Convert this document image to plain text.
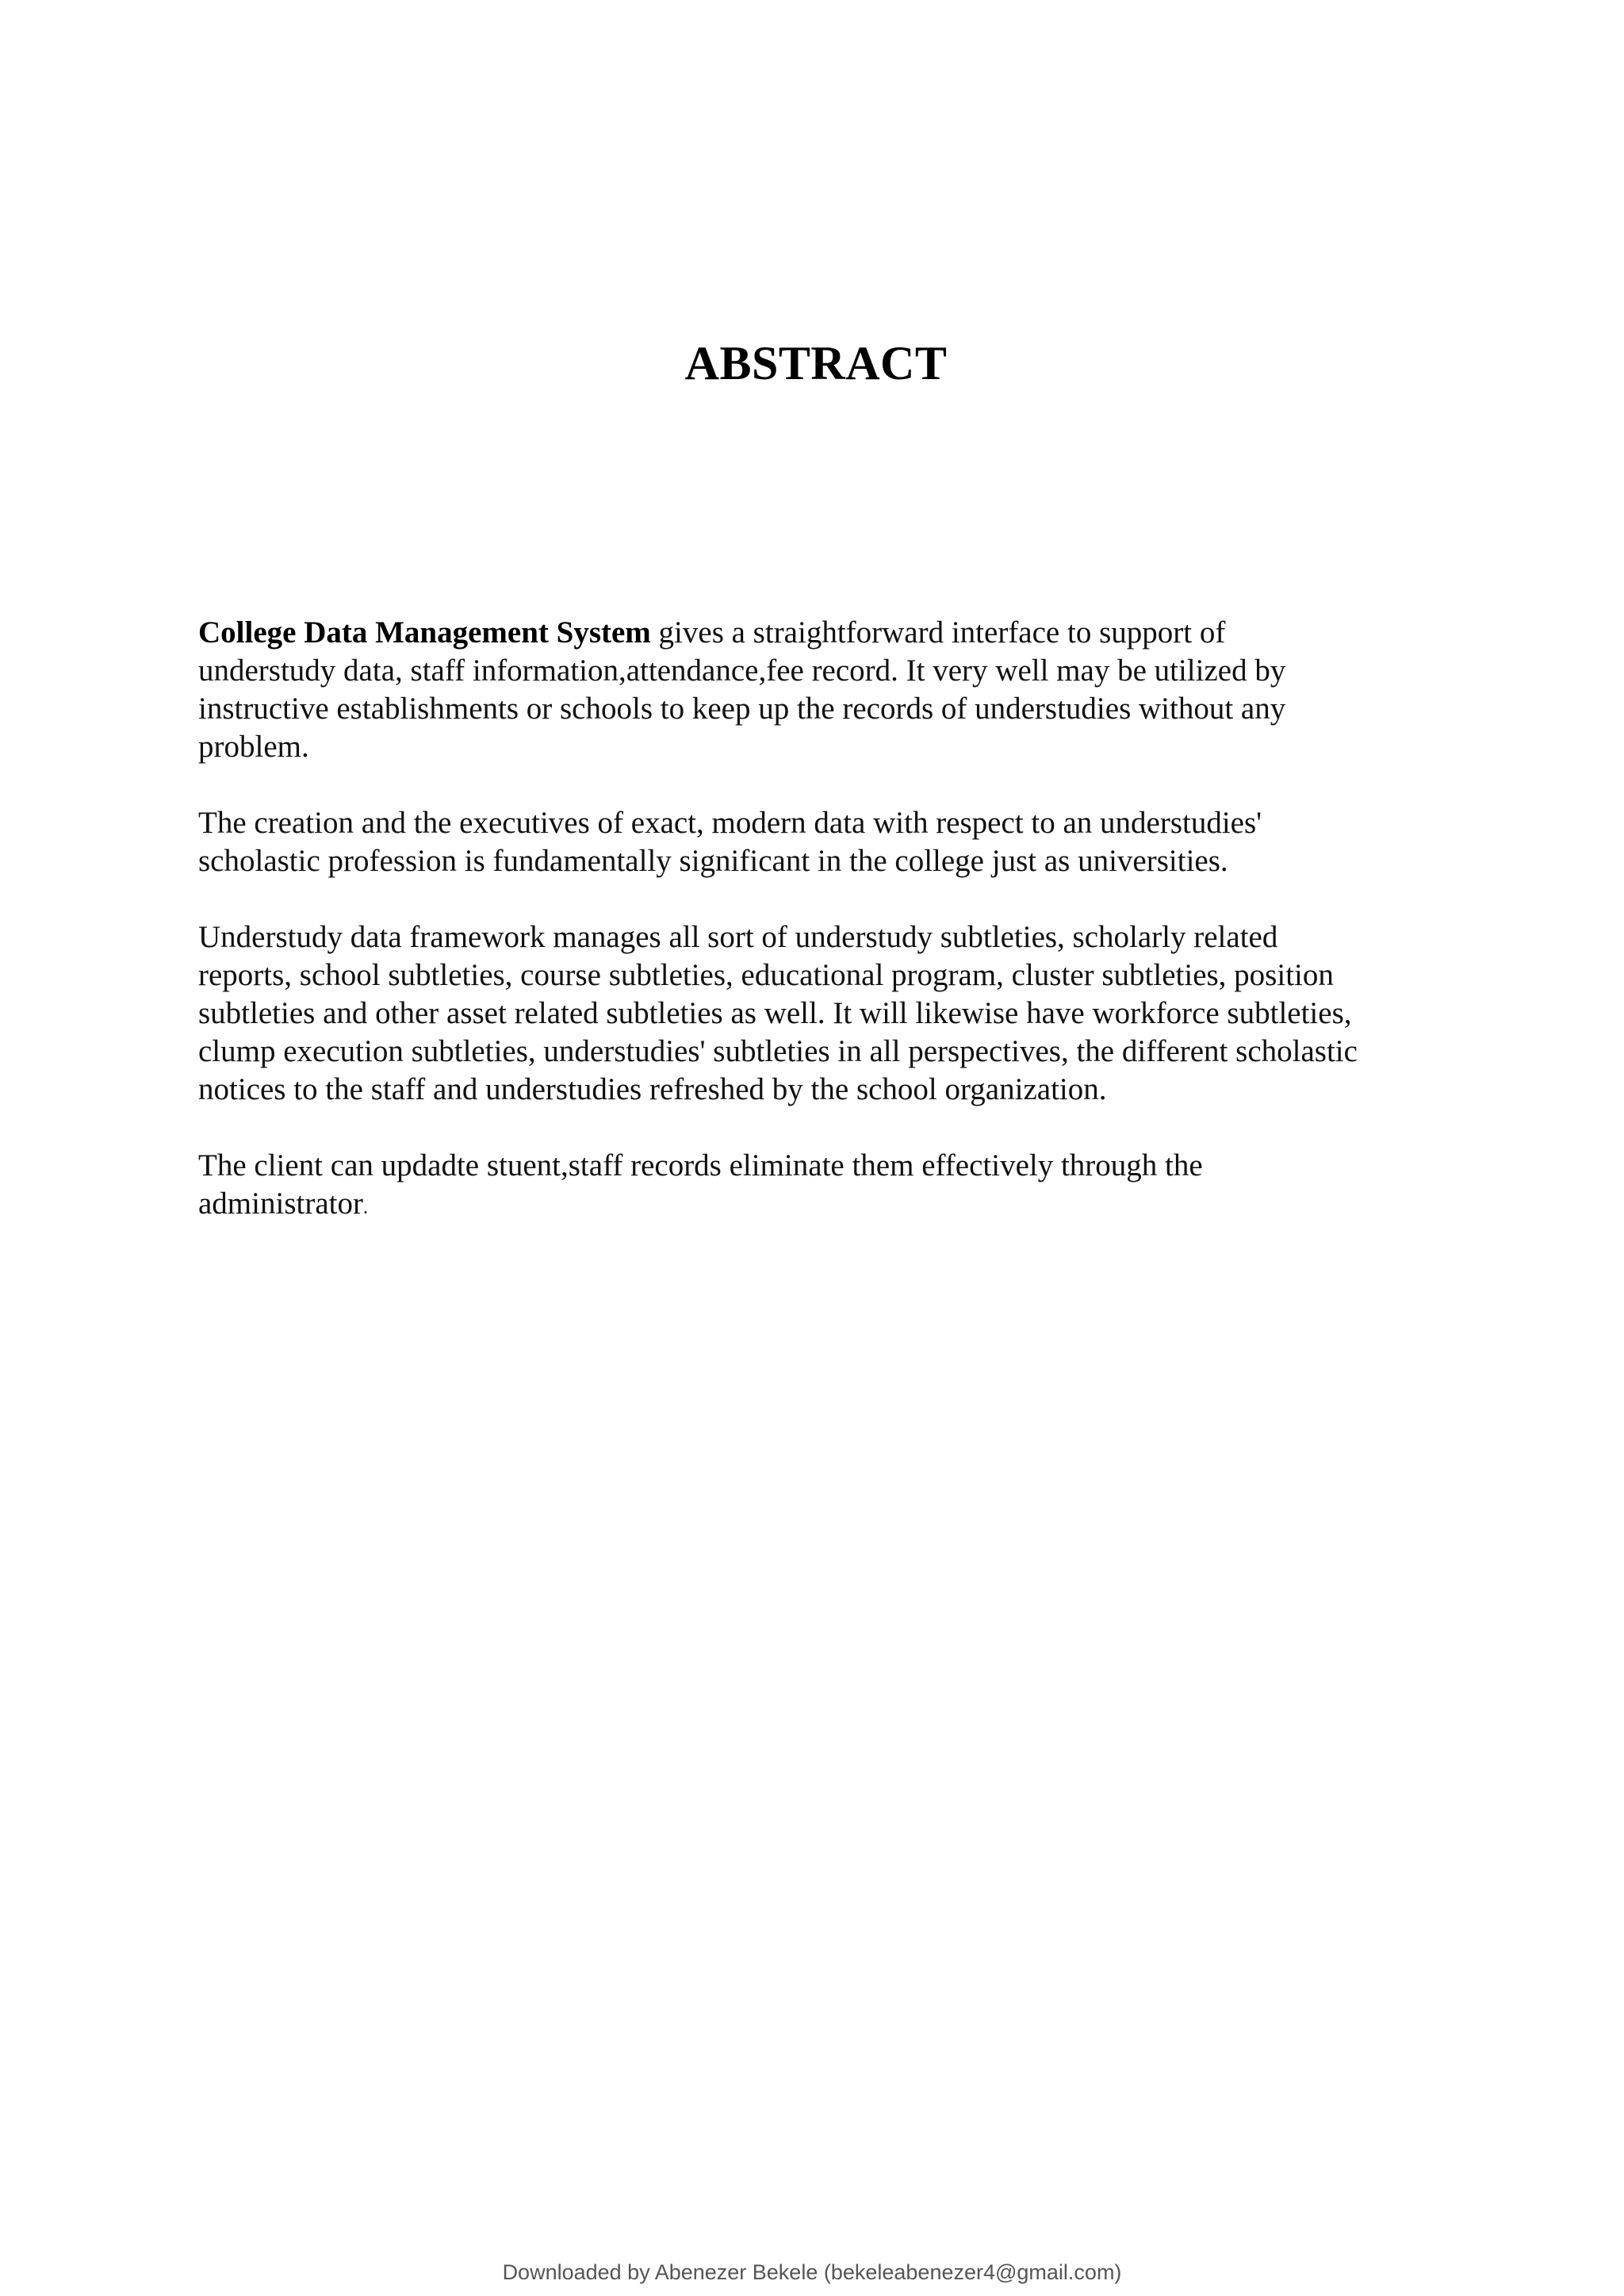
ABSTRACT

College Data Management System gives a straightforward interface to support of
understudy data, staff information,attendance,fee record. It very well may be utilized by
instructive establishments or schools to keep up the records of understudies without any
problem.

The creation and the executives of exact, modern data with respect to an understudies'
scholastic profession is fundamentally significant in the college just as universities.

Understudy data framework manages all sort of understudy subtleties, scholarly related
reports, school subtleties, course subtleties, educational program, cluster subtleties, position
subtleties and other asset related subtleties as well. It will likewise have workforce subtleties,
clump execution subtleties, understudies' subtleties in all perspectives, the different scholastic
notices to the staff and understudies refreshed by the school organization.

The client can updadte stuent,staff records eliminate them effectively through the
administrator.

Downloaded by Abenezer Bekele (bekeleabenezer4@gmail.com)
